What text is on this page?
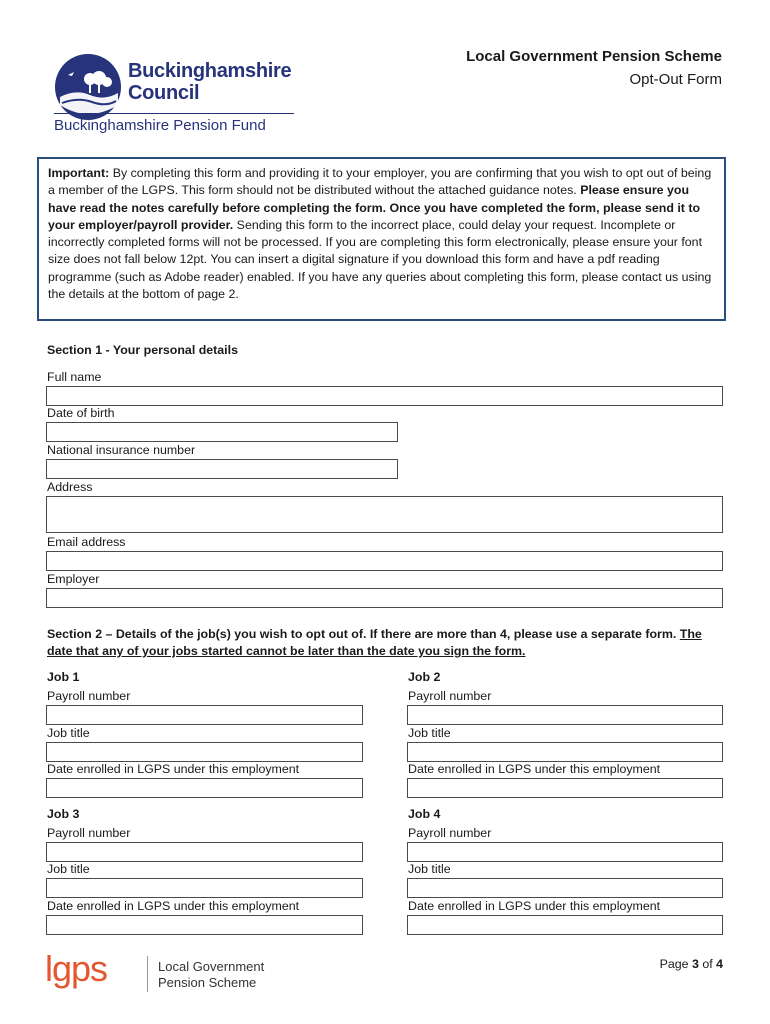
Buckinghamshire
Council
Buckinghamshire Pension Fund
Local Government Pension Scheme
Opt-Out Form
Important: By completing this form and providing it to your employer, you are confirming that you wish to opt out of being a member of the LGPS. This form should not be distributed without the attached guidance notes. Please ensure you have read the notes carefully before completing the form. Once you have completed the form, please send it to your employer/payroll provider. Sending this form to the incorrect place, could delay your request. Incomplete or incorrectly completed forms will not be processed. If you are completing this form electronically, please ensure your font size does not fall below 12pt. You can insert a digital signature if you download this form and have a pdf reading programme (such as Adobe reader) enabled. If you have any queries about completing this form, please contact us using the details at the bottom of page 2.
Section 1 - Your personal details
Full name
Date of birth
National insurance number
Address
Email address
Employer
Section 2 – Details of the job(s) you wish to opt out of. If there are more than 4, please use a separate form. The date that any of your jobs started cannot be later than the date you sign the form.
Job 1
Payroll number
Job title
Date enrolled in LGPS under this employment
Job 2
Payroll number
Job title
Date enrolled in LGPS under this employment
Job 3
Payroll number
Job title
Date enrolled in LGPS under this employment
Job 4
Payroll number
Job title
Date enrolled in LGPS under this employment
lgps	Local Government
Pension Scheme
Page 3 of 4
